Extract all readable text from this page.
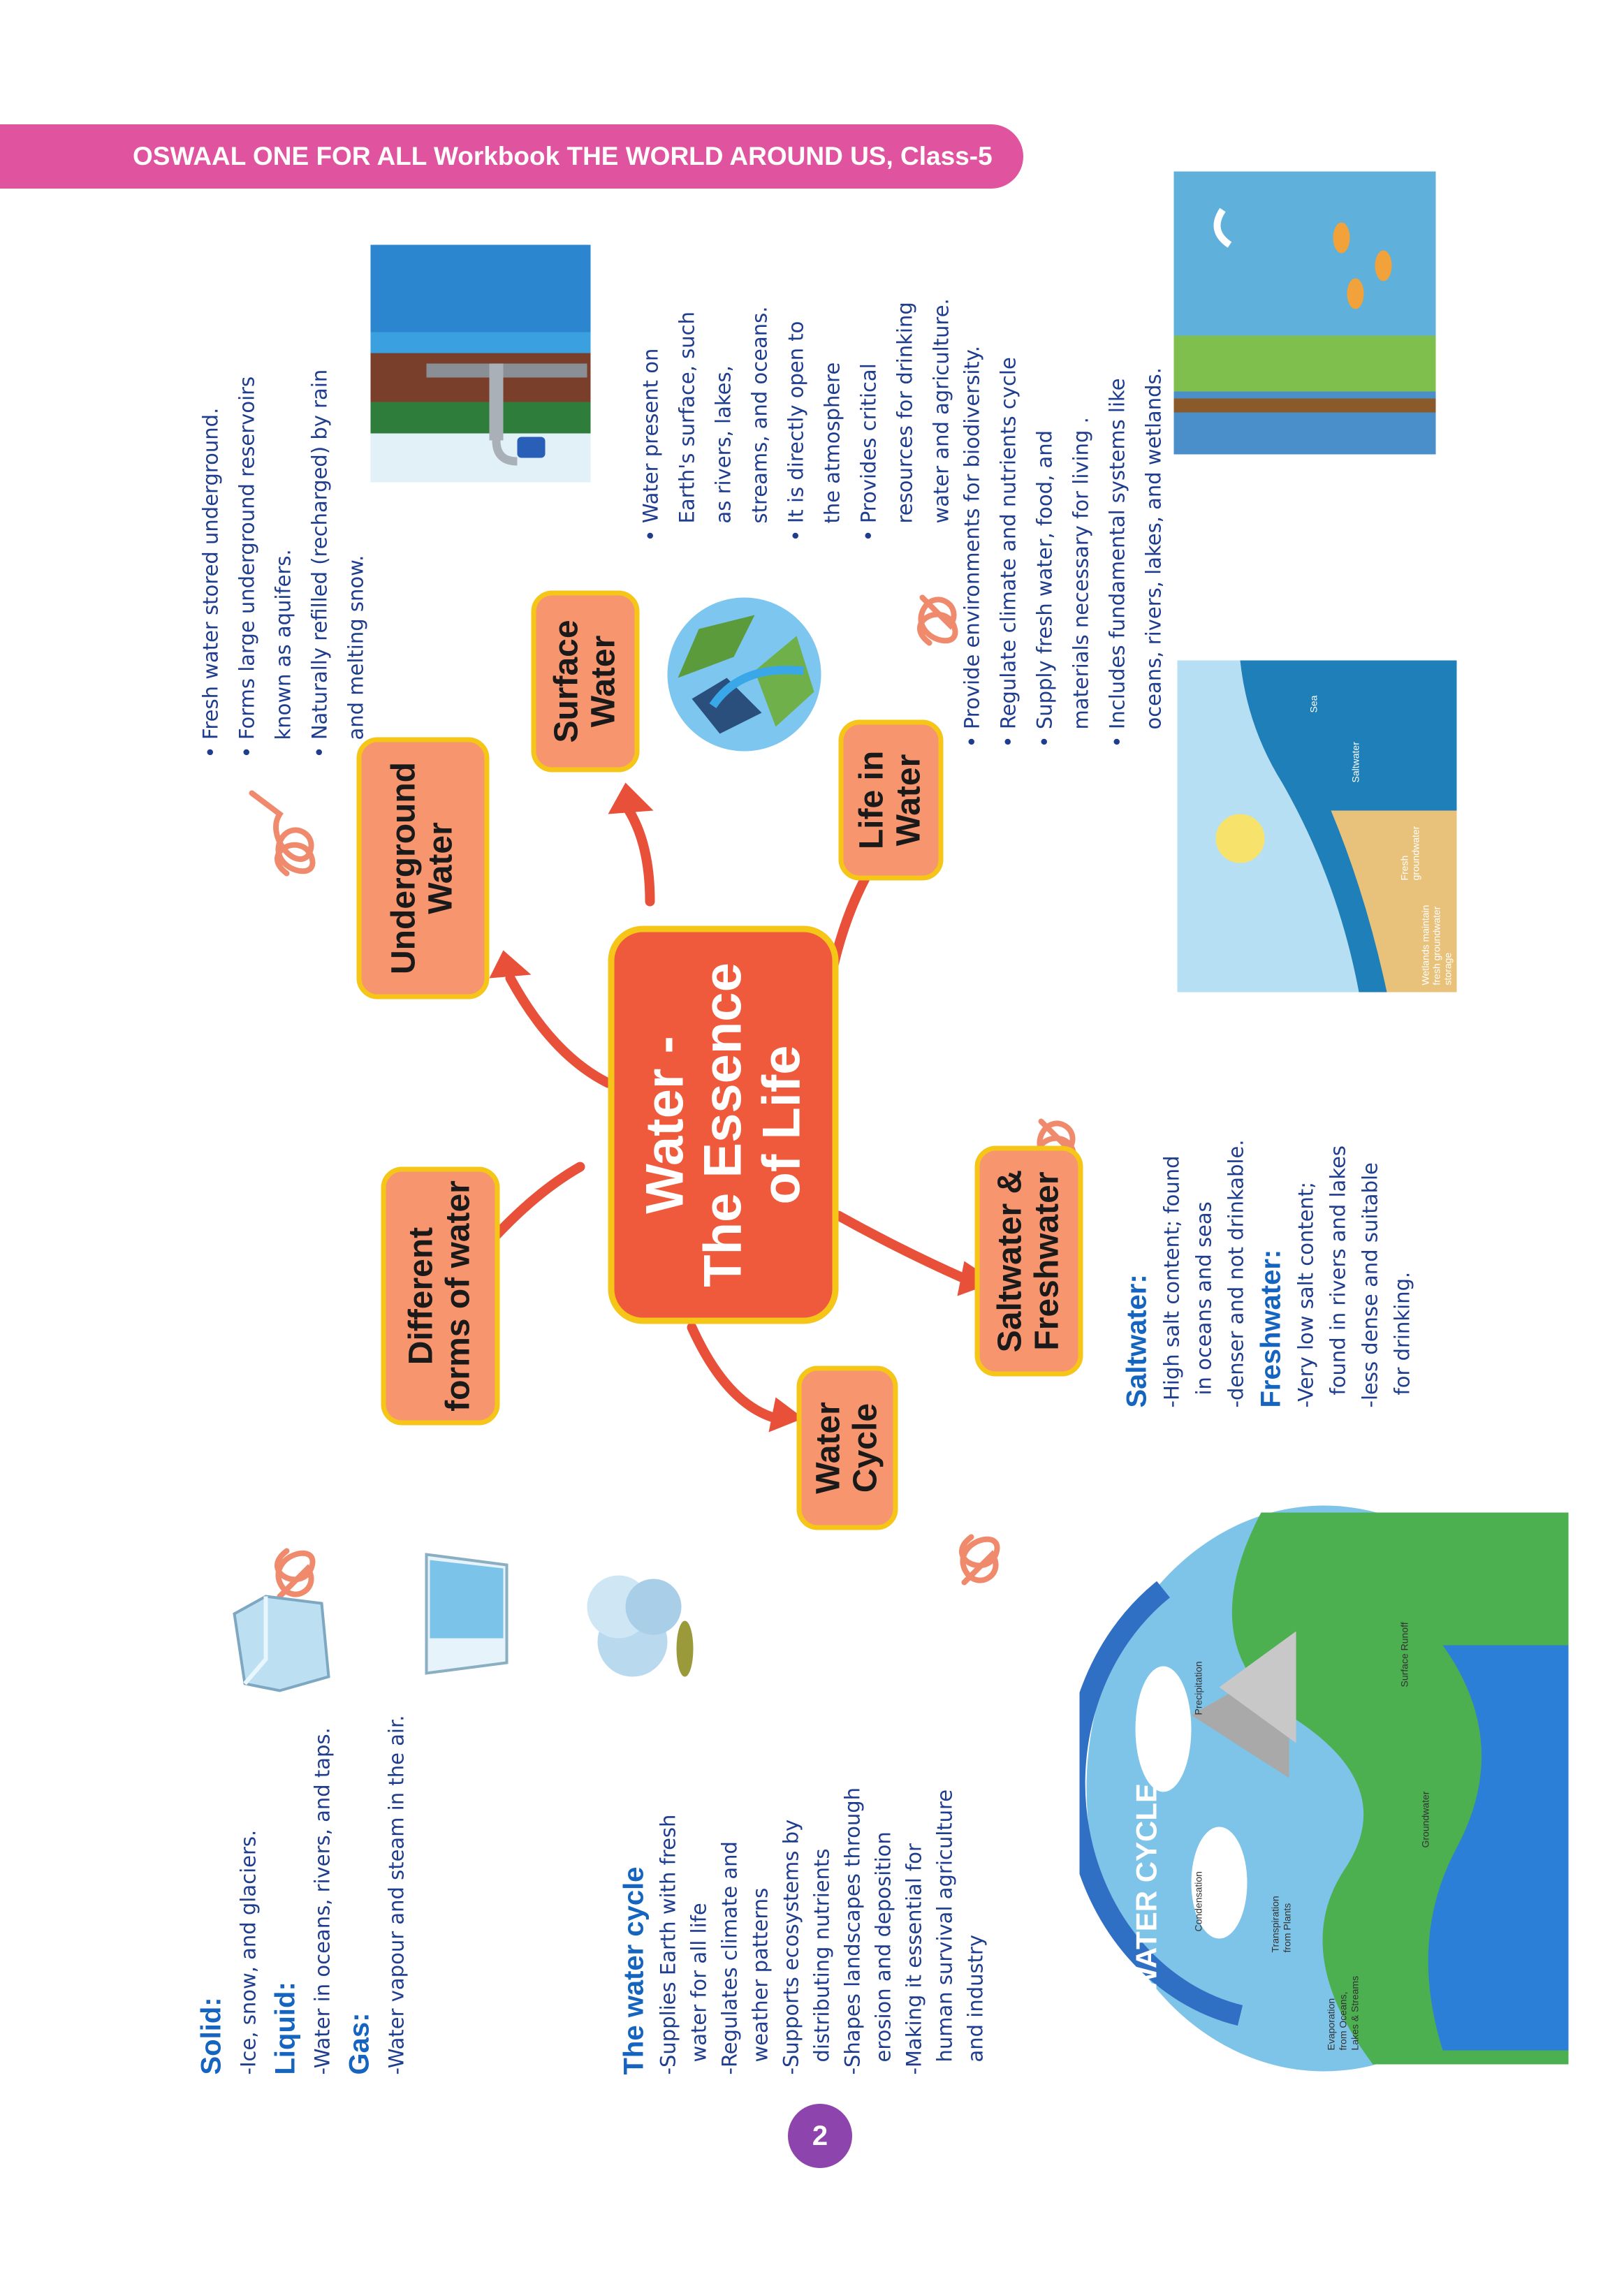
OSWAAL ONE FOR ALL Workbook THE WORLD AROUND US, Class-5
Water -
The Essence
of Life
Underground Water
Surface Water
Life in Water
Different forms of water
Water Cycle
Saltwater & Freshwater

• Fresh water stored underground. • Forms large underground reservoirs known as aquifers. • Naturally refilled (recharged) by rain and melting snow.

• Water present on Earth's surface, such as rivers, lakes, streams, and oceans. • It is directly open to the atmosphere • Provides critical resources for drinking water and agriculture. • Provide environments for biodiversity. • Regulate climate and nutrients cycle • Supply fresh water, food, and materials necessary for living . • Includes fundamental systems like oceans, rivers, lakes, and wetlands.

Solid: -Ice, snow, and glaciers. Liquid: -Water in oceans, rivers, and taps. Gas: -Water vapour and steam in the air.	The water cycle -Supplies Earth with fresh water for all life -Regulates climate and weather patterns -Supports ecosystems by distributing nutrients -Shapes landscapes through erosion and deposition -Making it essential for human survival agriculture and industry

Saltwater: -High salt content; found in oceans and seas -denser and not drinkable. Freshwater: -Very low salt content; found in rivers and lakes -less dense and suitable for drinking.

WATER CYCLE	Condensation
Precipitation
Transpiration from Plants
Evaporation from Oceans, Lakes & Streams
Groundwater
Surface Runoff
Sea
Saltwater
Fresh groundwater
Wetlands maintain fresh groundwater storage
2
